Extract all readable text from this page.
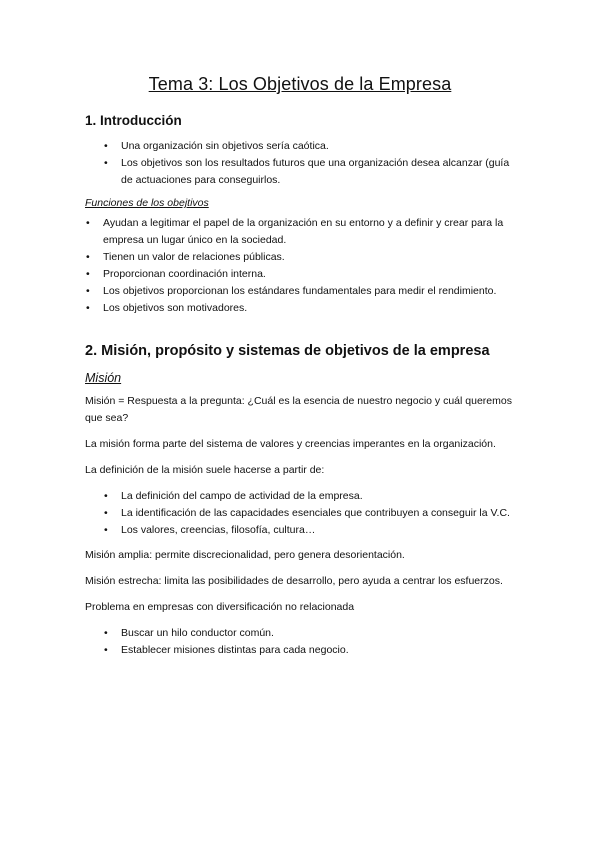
Tema 3: Los Objetivos de la Empresa
1. Introducción
•	Una organización sin objetivos sería caótica.
•	Los objetivos son los resultados futuros que una organización desea alcanzar (guía de actuaciones para conseguirlos.
Funciones de los obejtivos
•	Ayudan a legitimar el papel de la organización en su entorno y a definir y crear para la empresa un lugar único en la sociedad.
•	Tienen un valor de relaciones públicas.
•	Proporcionan coordinación interna.
•	Los objetivos proporcionan los estándares fundamentales para medir el rendimiento.
•	Los objetivos son motivadores.
2. Misión, propósito y sistemas de objetivos de la empresa
Misión

Misión = Respuesta a la pregunta: ¿Cuál es la esencia de nuestro negocio y cuál queremos que sea?

La misión forma parte del sistema de valores y creencias imperantes en la organización.

La definición de la misión suele hacerse a partir de:

•	La definición del campo de actividad de la empresa.
•	La identificación de las capacidades esenciales que contribuyen a conseguir la V.C.
•	Los valores, creencias, filosofía, cultura…

Misión amplia: permite discrecionalidad, pero genera desorientación.

Misión estrecha: limita las posibilidades de desarrollo, pero ayuda a centrar los esfuerzos.

Problema en empresas con diversificación no relacionada

•	Buscar un hilo conductor común.
•	Establecer misiones distintas para cada negocio.
